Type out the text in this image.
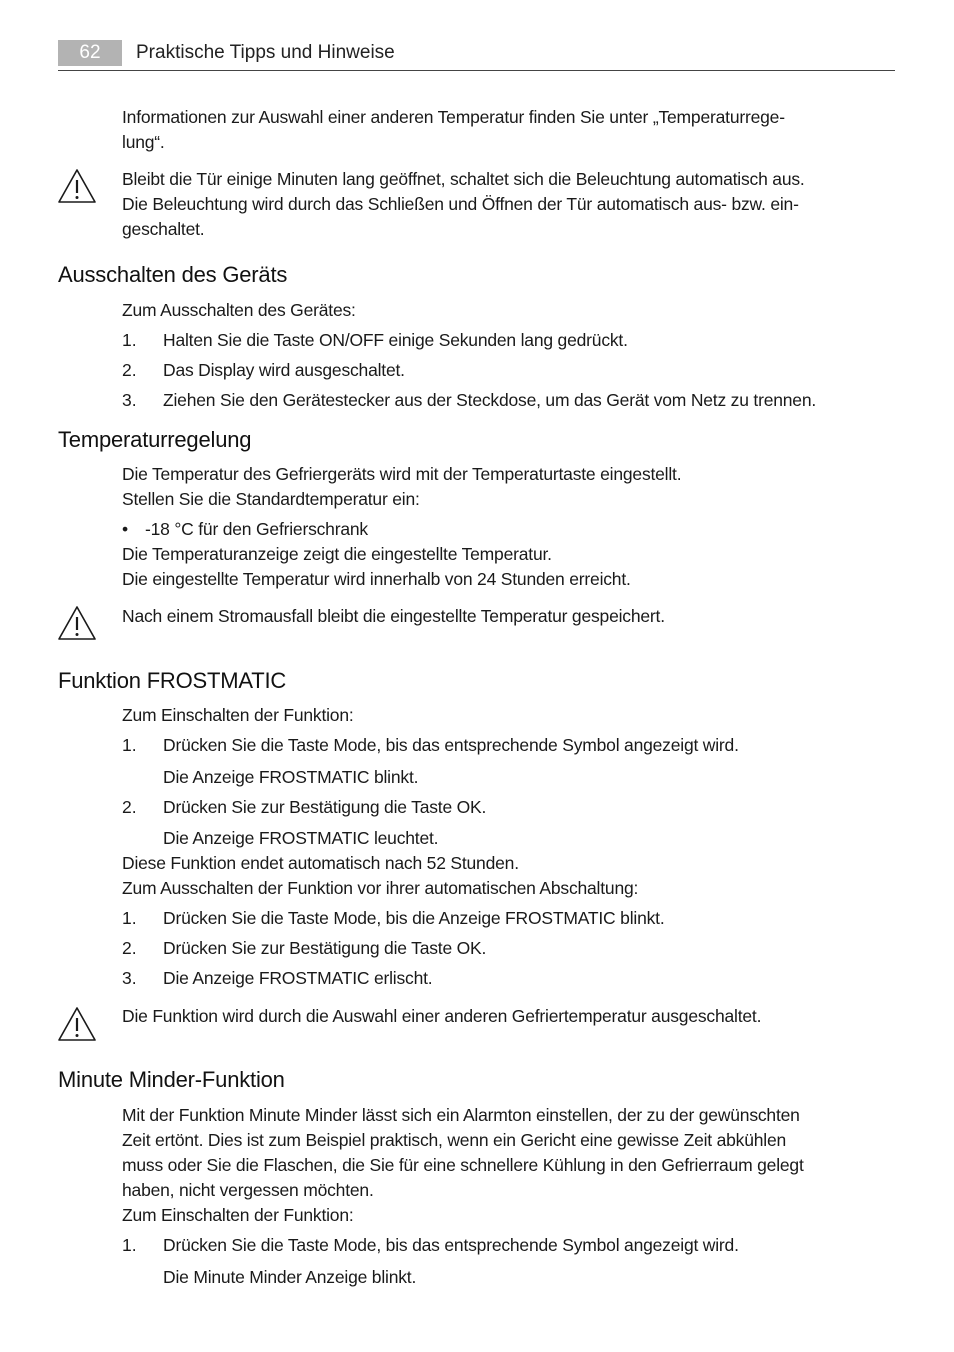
62	Praktische Tipps und Hinweise
Informationen zur Auswahl einer anderen Temperatur finden Sie unter „Temperaturrege-
lung“.
Bleibt die Tür einige Minuten lang geöffnet, schaltet sich die Beleuchtung automatisch aus.
Die Beleuchtung wird durch das Schließen und Öffnen der Tür automatisch aus- bzw. ein-
geschaltet.
Ausschalten des Geräts
Zum Ausschalten des Gerätes:
1. Halten Sie die Taste ON/OFF einige Sekunden lang gedrückt.
2. Das Display wird ausgeschaltet.
3. Ziehen Sie den Gerätestecker aus der Steckdose, um das Gerät vom Netz zu trennen.
Temperaturregelung
Die Temperatur des Gefriergeräts wird mit der Temperaturtaste eingestellt.
Stellen Sie die Standardtemperatur ein:
• -18 °C für den Gefrierschrank
Die Temperaturanzeige zeigt die eingestellte Temperatur.
Die eingestellte Temperatur wird innerhalb von 24 Stunden erreicht.
Nach einem Stromausfall bleibt die eingestellte Temperatur gespeichert.
Funktion FROSTMATIC
Zum Einschalten der Funktion:
1. Drücken Sie die Taste Mode, bis das entsprechende Symbol angezeigt wird.
Die Anzeige FROSTMATIC blinkt.
2. Drücken Sie zur Bestätigung die Taste OK.
Die Anzeige FROSTMATIC leuchtet.
Diese Funktion endet automatisch nach 52 Stunden.
Zum Ausschalten der Funktion vor ihrer automatischen Abschaltung:
1. Drücken Sie die Taste Mode, bis die Anzeige FROSTMATIC blinkt.
2. Drücken Sie zur Bestätigung die Taste OK.
3. Die Anzeige FROSTMATIC erlischt.
Die Funktion wird durch die Auswahl einer anderen Gefriertemperatur ausgeschaltet.
Minute Minder-Funktion
Mit der Funktion Minute Minder lässt sich ein Alarmton einstellen, der zu der gewünschten
Zeit ertönt. Dies ist zum Beispiel praktisch, wenn ein Gericht eine gewisse Zeit abkühlen
muss oder Sie die Flaschen, die Sie für eine schnellere Kühlung in den Gefrierraum gelegt
haben, nicht vergessen möchten.
Zum Einschalten der Funktion:
1. Drücken Sie die Taste Mode, bis das entsprechende Symbol angezeigt wird.
Die Minute Minder Anzeige blinkt.
